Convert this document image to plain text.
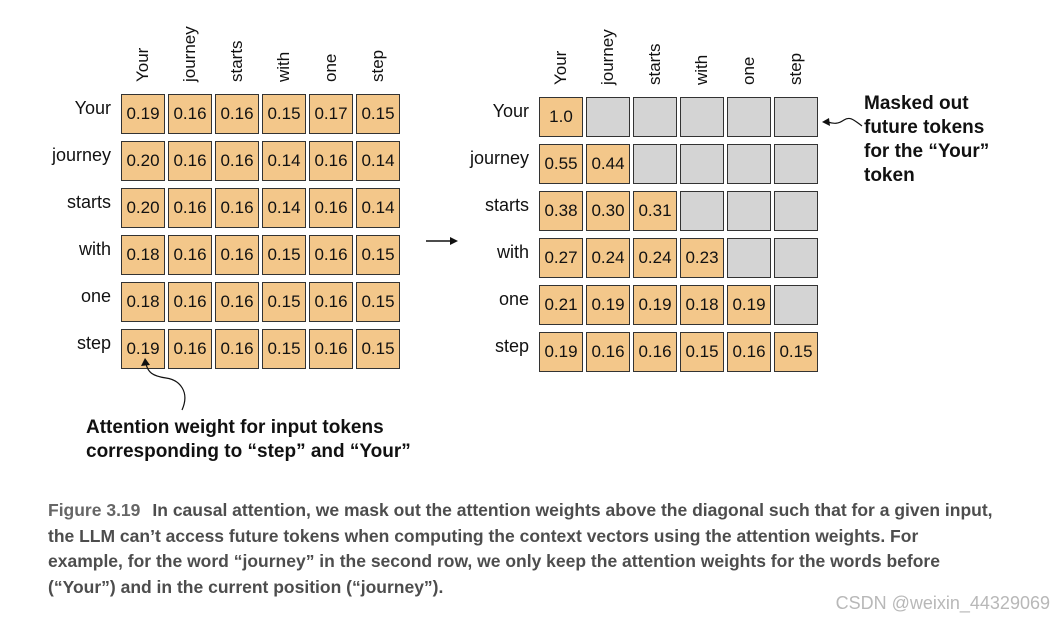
Your journey starts with one step
Your 0.19 0.16 0.16 0.15 0.17 0.15
journey 0.20 0.16 0.16 0.14 0.16 0.14
starts 0.20 0.16 0.16 0.14 0.16 0.14
with 0.18 0.16 0.16 0.15 0.16 0.15
one 0.18 0.16 0.16 0.15 0.16 0.15
step 0.19 0.16 0.16 0.15 0.16 0.15
Your journey starts with one step
Your	1.0
journey 0.55 0.44
starts 0.38 0.30 0.31
with 0.27 0.24 0.24 0.23
one 0.21 0.19 0.19 0.18 0.19
step 0.19 0.16 0.16 0.15 0.16 0.15
Attention weight for input tokens
corresponding to “step” and “Your”
Masked out
future tokens
for the “Your”
token
Figure 3.19 In causal attention, we mask out the attention weights above the diagonal such that for a given input, the LLM can’t access future tokens when computing the context vectors using the attention weights. For example, for the word “journey” in the second row, we only keep the attention weights for the words before (“Your”) and in the current position (“journey”).
CSDN @weixin_44329069
